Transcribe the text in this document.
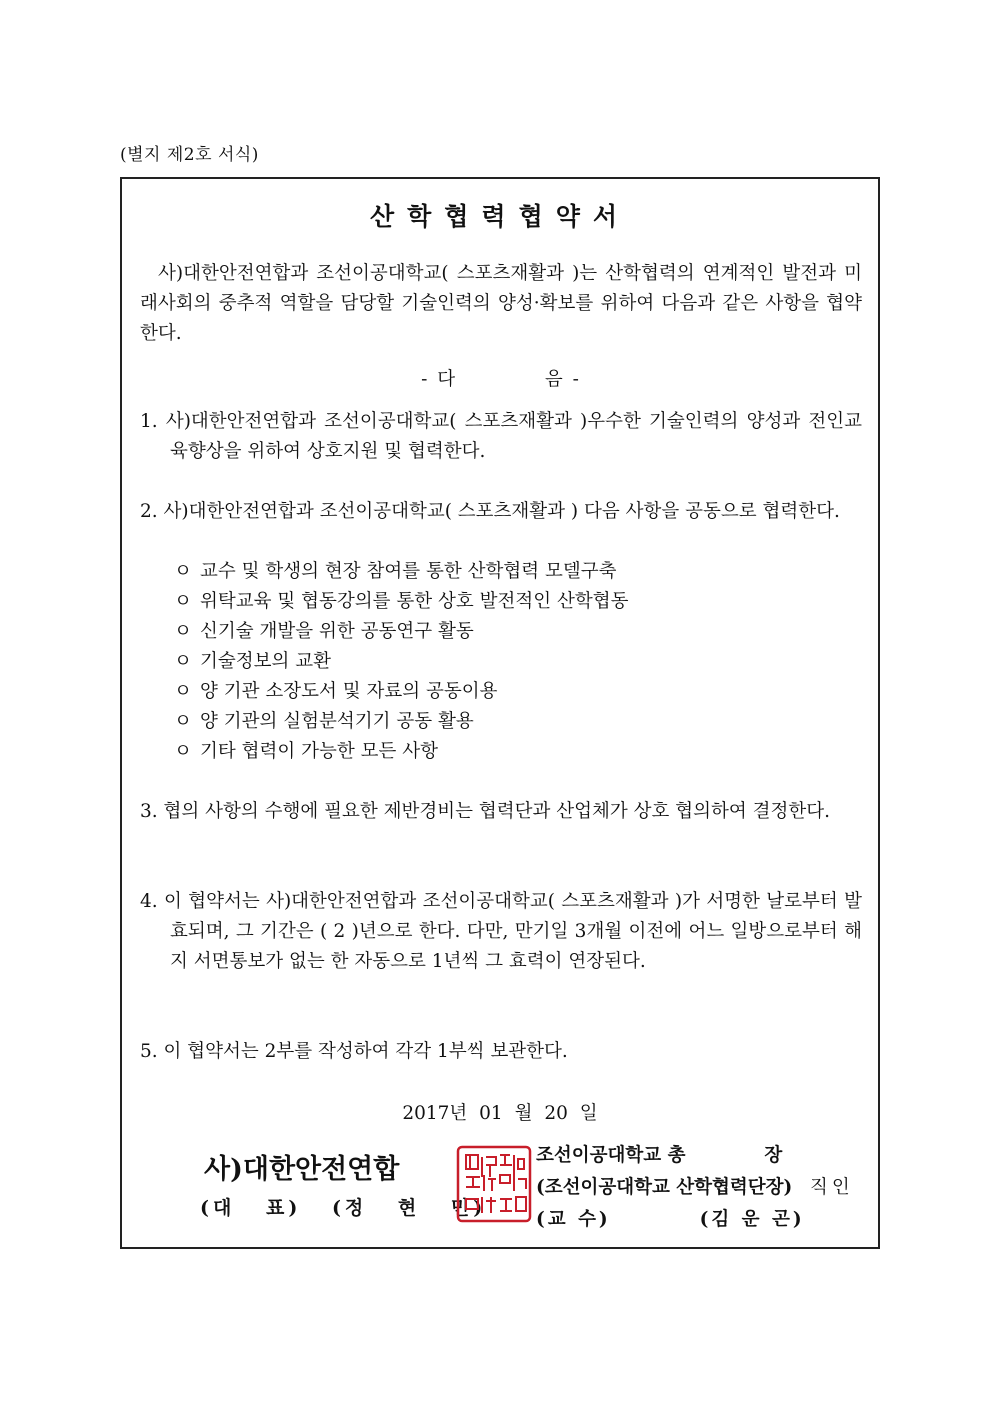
(별지 제2호 서식)
산학협력협약서
사)대한안전연합과 조선이공대학교( 스포츠재활과 )는 산학협력의 연계적인 발전과 미래사회의 중추적 역할을 담당할 기술인력의 양성·확보를 위하여 다음과 같은 사항을 협약한다.
- 다	음 -
1. 사)대한안전연합과 조선이공대학교( 스포츠재활과 )우수한 기술인력의 양성과 전인교육향상을 위하여 상호지원 및 협력한다.
2. 사)대한안전연합과 조선이공대학교( 스포츠재활과 ) 다음 사항을 공동으로 협력한다.
ㅇ 교수 및 학생의 현장 참여를 통한 산학협력 모델구축
ㅇ 위탁교육 및 협동강의를 통한 상호 발전적인 산학협동
ㅇ 신기술 개발을 위한 공동연구 활동
ㅇ 기술정보의 교환
ㅇ 양 기관 소장도서 및 자료의 공동이용
ㅇ 양 기관의 실험분석기기 공동 활용
ㅇ 기타 협력이 가능한 모든 사항
3. 협의 사항의 수행에 필요한 제반경비는 협력단과 산업체가 상호 협의하여 결정한다.
4. 이 협약서는 사)대한안전연합과 조선이공대학교( 스포츠재활과 )가 서명한 날로부터 발효되며, 그 기간은 ( 2 )년으로 한다. 다만, 만기일 3개월 이전에 어느 일방으로부터 해지 서면통보가 없는 한 자동으로 1년씩 그 효력이 연장된다.
5. 이 협약서는 2부를 작성하여 각각 1부씩 보관한다.
2017년 01 월 20 일
사)대한안전연합
(대 표) (정 현 민)
조선이공대학교 총	장
(조선이공대학교 산학협력단장)
(교 수)	(김 운 곤)
직인
